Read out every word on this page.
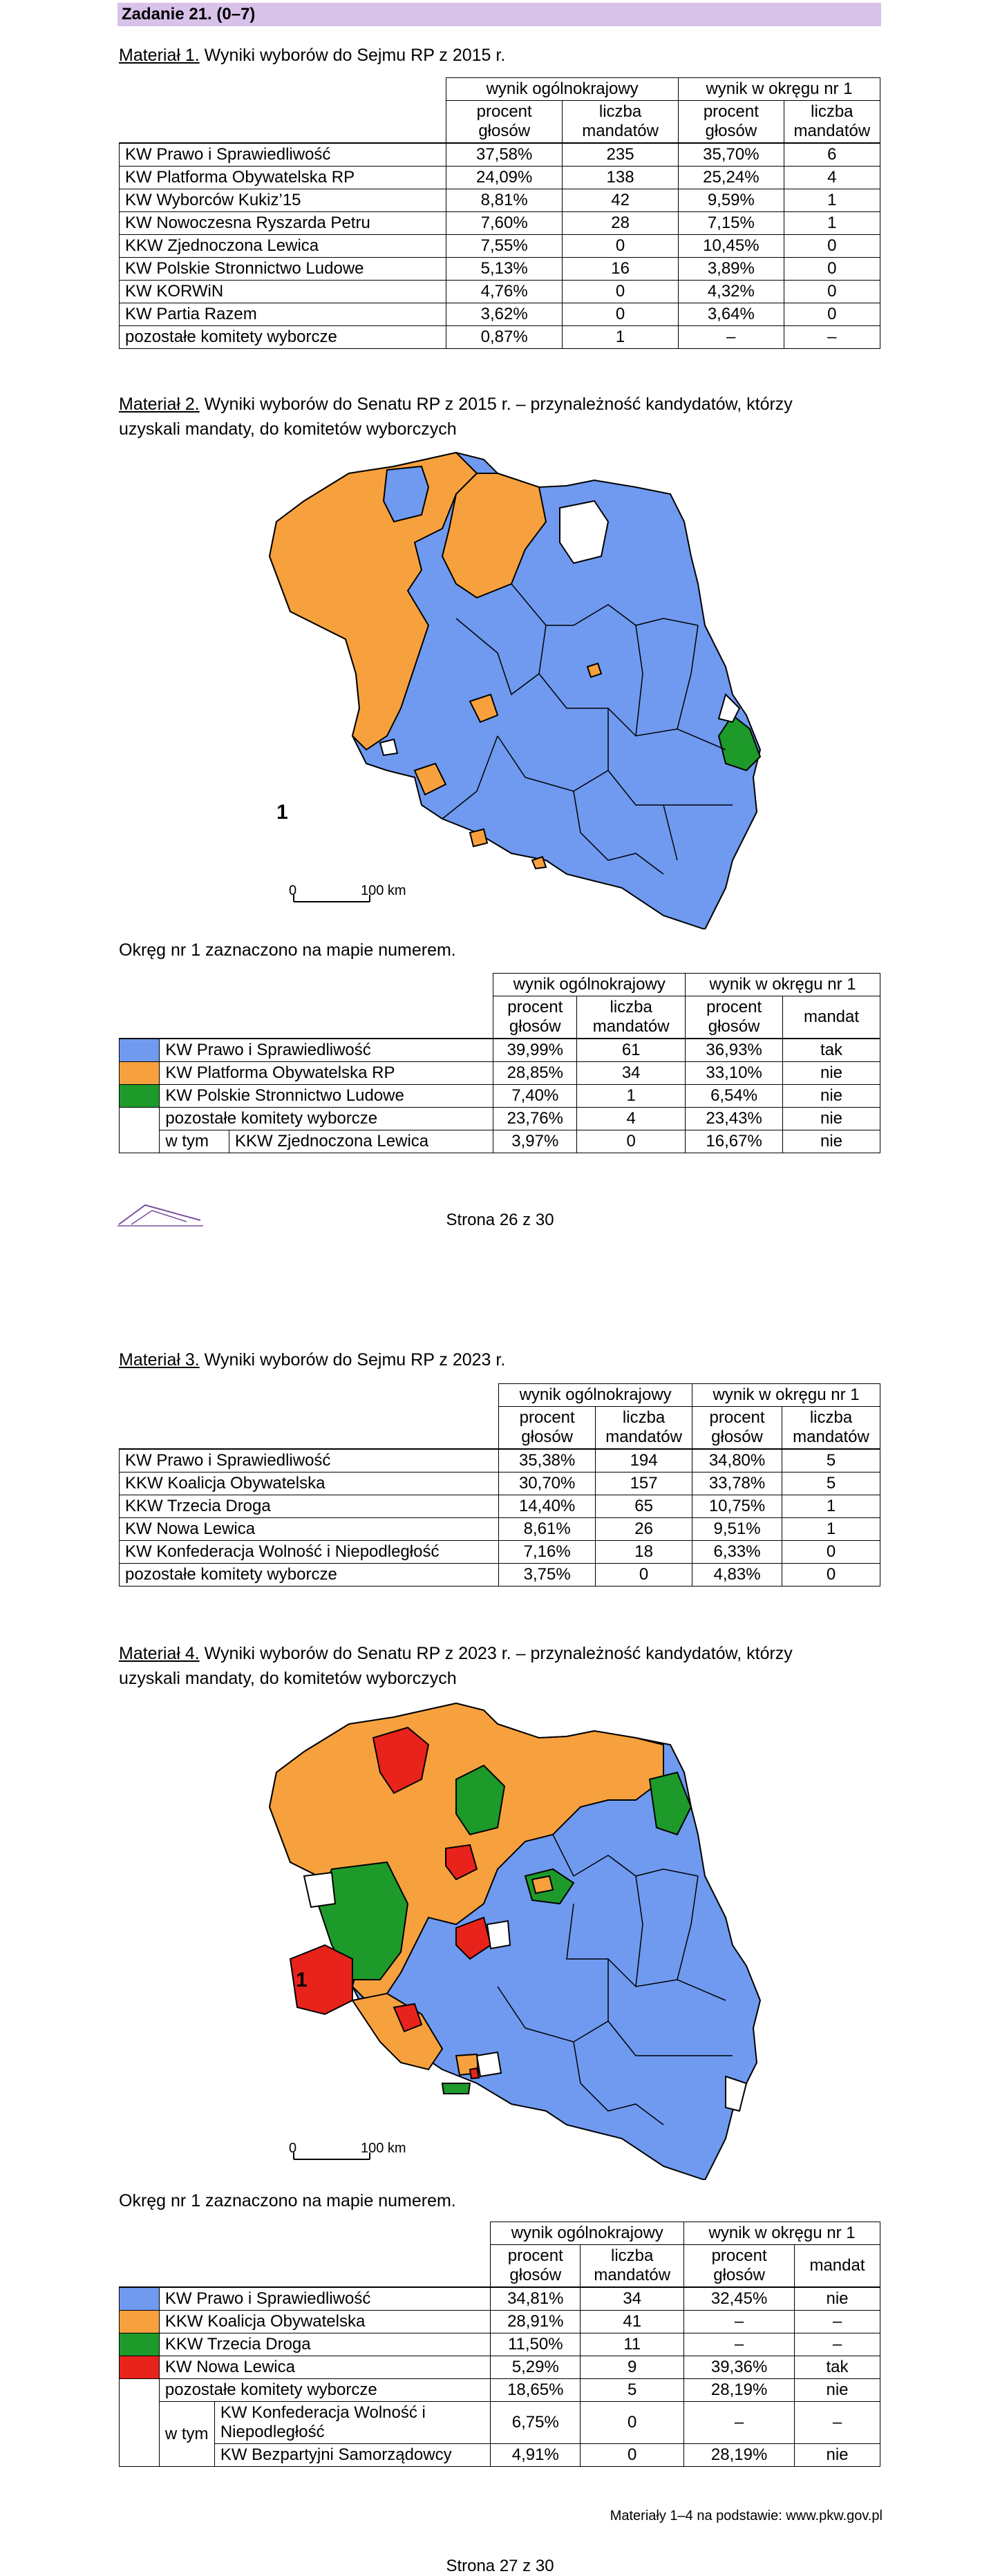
Zadanie 21. (0–7)
Materiał 1. Wyniki wyborów do Sejmu RP z 2015 r.
	wynik ogólnokrajowy		wynik w okręgu nr 1	
	procent głosów	liczba mandatów	procent głosów	liczba mandatów
KW Prawo i Sprawiedliwość	37,58%	235	35,70%	6
KW Platforma Obywatelska RP	24,09%	138	25,24%	4
KW Wyborców Kukiz’15	8,81%	42	9,59%	1
KW Nowoczesna Ryszarda Petru	7,60%	28	7,15%	1
KKW Zjednoczona Lewica	7,55%	0	10,45%	0
KW Polskie Stronnictwo Ludowe	5,13%	16	3,89%	0
KW KORWiN	4,76%	0	4,32%	0
KW Partia Razem	3,62%	0	3,64%	0
pozostałe komitety wyborcze	0,87%	1	–	–
Materiał 2. Wyniki wyborów do Senatu RP z 2015 r. – przynależność kandydatów, którzy
uzyskali mandaty, do komitetów wyborczych
1
0	100 km
Okręg nr 1 zaznaczono na mapie numerem.
			wynik ogólnokrajowy		wynik w okręgu nr 1	
			procent głosów	liczba mandatów	procent głosów	mandat
	KW Prawo i Sprawiedliwość		39,99%	61	36,93%	tak
	KW Platforma Obywatelska RP		28,85%	34	33,10%	nie
	KW Polskie Stronnictwo Ludowe		7,40%	1	6,54%	nie
	pozostałe komitety wyborcze		23,76%	4	23,43%	nie
	w tym	KKW Zjednoczona Lewica	3,97%	0	16,67%	nie
Strona 26 z 30
Materiał 3. Wyniki wyborów do Sejmu RP z 2023 r.
	wynik ogólnokrajowy		wynik w okręgu nr 1	
	procent głosów	liczba mandatów	procent głosów	liczba mandatów
KW Prawo i Sprawiedliwość	35,38%	194	34,80%	5
KKW Koalicja Obywatelska	30,70%	157	33,78%	5
KKW Trzecia Droga	14,40%	65	10,75%	1
KW Nowa Lewica	8,61%	26	9,51%	1
KW Konfederacja Wolność i Niepodległość	7,16%	18	6,33%	0
pozostałe komitety wyborcze	3,75%	0	4,83%	0
Materiał 4. Wyniki wyborów do Senatu RP z 2023 r. – przynależność kandydatów, którzy
uzyskali mandaty, do komitetów wyborczych
1
0	100 km
Okręg nr 1 zaznaczono na mapie numerem.
			wynik ogólnokrajowy		wynik w okręgu nr 1	
			procent głosów	liczba mandatów	procent głosów	mandat
	KW Prawo i Sprawiedliwość		34,81%	34	32,45%	nie
	KKW Koalicja Obywatelska		28,91%	41	–	–
	KKW Trzecia Droga		11,50%	11	–	–
	KW Nowa Lewica		5,29%	9	39,36%	tak
	pozostałe komitety wyborcze		18,65%	5	28,19%	nie
	w tym	KW Konfederacja Wolność i Niepodległość	6,75%	0	–	–
		KW Bezpartyjni Samorządowcy	4,91%	0	28,19%	nie
Materiały 1–4 na podstawie: www.pkw.gov.pl
Strona 27 z 30
